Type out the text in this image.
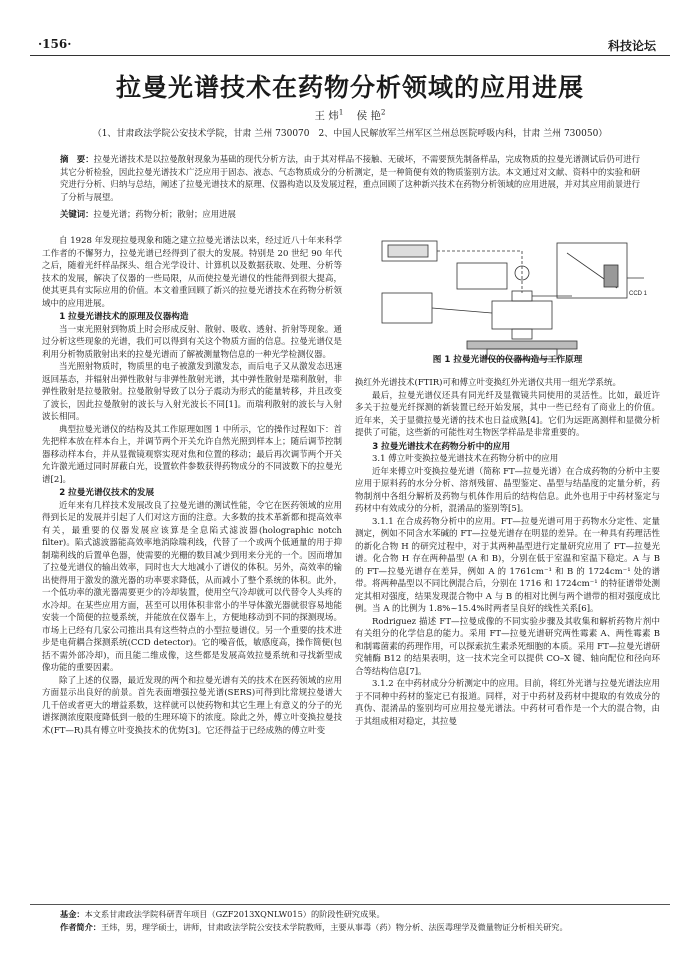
·156·	科技论坛
拉曼光谱技术在药物分析领域的应用进展
王 炜$^1$ 侯 艳$^2$
（1、甘肃政法学院公安技术学院，甘肃 兰州 730070　2、中国人民解放军兰州军区兰州总医院呼吸内科，甘肃 兰州 730050）
摘　要：拉曼光谱技术是以拉曼散射现象为基础的现代分析方法，由于其对样品不接触、无破坏，不需要预先制备样品，完成物质的拉曼光谱测试后仍可进行其它分析检验，因此拉曼光谱技术广泛应用于固态、液态、气态物质成分的分析测定，是一种简便有效的物质鉴别方法。本文通过对文献、资料中的实验和研究进行分析、归纳与总结，阐述了拉曼光谱技术的原理、仪器构造以及发展过程，重点回顾了这种新兴技术在药物分析领域的应用进展，并对其应用前景进行了分析与展望。
关键词：拉曼光谱；药物分析；散射；应用进展

自 1928 年发现拉曼现象和随之建立拉曼光谱法以来，经过近八十年来科学工作者的不懈努力，拉曼光谱已经得到了很大的发展。特别是 20 世纪 90 年代之后，随着光纤样品探头、组合光学设计、计算机以及数据获取、处理、分析等技术的发展，解决了仪器的一些局限，从而使拉曼光谱仪的性能得到很大提高，使其更具有实际应用的价值。本文着重回顾了新兴的拉曼光谱技术在药物分析领域中的应用进展。

1 拉曼光谱技术的原理及仪器构造

当一束光照射到物质上时会形成反射、散射、吸收、透射、折射等现象。通过分析这些现象的光谱，我们可以得到有关这个物质方面的信息。拉曼光谱仪是利用分析物质散射出来的拉曼光谱而了解被测量物信息的一种光学检测仪器。

当光照射物质时，物质里的电子被激发到激发态，而后电子又从激发态迅速返回基态，并辐射出弹性散射与非弹性散射光谱，其中弹性散射是瑞利散射，非弹性散射是拉曼散射。拉曼散射导致了以分子震动为形式的能量转移，并且改变了波长，因此拉曼散射的波长与入射光波长不同[1]。而瑞利散射的波长与入射波长相同。

典型拉曼光谱仪的结构及其工作原理如图 1 中所示，它的操作过程如下：首先把样本放在样本台上，并调节两个开关允许自然光照到样本上；随后调节控制器移动样本台，并从显微镜观察实现对焦和位置的移动；最后再次调节两个开关允许激光通过同时屏蔽白光，设置软件参数获得药物成分的不同波数下的拉曼光谱[2]。

2 拉曼光谱仪技术的发展

近年来有几样技术发展改良了拉曼光谱的测试性能，令它在医药领域的应用得到长足的发展并引起了人们对这方面的注意。大多数的技术革新都和提高效率有关，最重要的仪器发展应该算是全息陷式滤波器(holographic notch filter)。陷式滤波器能高效率地消除瑞利线，代替了一个或两个低通量的用于抑制瑞利线的后置单色器，使需要的光栅的数目减少到用来分光的一个。因而增加了拉曼光谱仪的输出效率，同时也大大地减小了谱仪的体积。另外，高效率的输出使得用于激发的激光器的功率要求降低，从而减小了整个系统的体积。此外，一个低功率的激光器需要更少的冷却装置，使用空气冷却就可以代替令人头疼的水冷却。在某些应用方面，甚至可以用体积非常小的半导体激光器就很容易地能安装一个简便的拉曼系统，并能放在仪器车上，方便地移动到不同的探测现场。市场上已经有几家公司推出具有这些特点的小型拉曼谱仪。另一个重要的技术进步是电荷耦合探测系统(CCD detector)。它的噪音低，敏感度高，操作简便(包括不需外部冷却)，而且能二维成像，这些都是发展高效拉曼系统和寻找新型成像功能的重要因素。

除了上述的仪器，最近发现的两个和拉曼光谱有关的技术在医药领域的应用方面显示出良好的前景。首先表面增强拉曼光谱(SERS)可得到比常规拉曼谱大几千倍或者更大的增益系数，这样就可以使药物和其它生理上有意义的分子的光谱探测浓度限度降低到一般的生理环境下的浓度。除此之外，傅立叶变换拉曼技术(FT—R)具有傅立叶变换技术的优势[3]。它还得益于已经成熟的傅立叶变

CCD 1
图 1 拉曼光谱仪的仪器构造与工作原理

换红外光谱技术(FTIR)可和傅立叶变换红外光谱仪共用一组光学系统。

最后，拉曼光谱仪还具有同光纤及显微镜共同使用的灵活性。比如，最近许多关于拉曼光纤探测的新装置已经开始发展，其中一些已经有了商业上的价值。近年来，关于显微拉曼光谱的技术也日益成熟[4]。它们为远距离测样和显微分析提供了可能，这些新的可能性对生物医学样品是非常重要的。

3 拉曼光谱技术在药物分析中的应用
3.1 傅立叶变换拉曼光谱技术在药物分析中的应用

近年来傅立叶变换拉曼光谱（简称 FT—拉曼光谱）在合成药物的分析中主要应用于原料药的水分分析、溶剂残留、晶型鉴定、晶型与结晶度的定量分析，药物制剂中各组分解析及药物与机体作用后的结构信息。此外也用于中药材鉴定与药材中有效成分的分析，混淆品的鉴别等[5]。

3.1.1 在合成药物分析中的应用。FT—拉曼光谱可用于药物水分定性、定量测定，例如不同含水苯碱的 FT—拉曼光谱存在明显的差异。在一种具有药理活性的新化合物 H 的研究过程中，对于其两种晶型进行定量研究应用了 FT—拉曼光谱。化合物 H 存在两种晶型 (A 和 B)，分别在低于室温和室温下稳定。A 与 B 的 FT—拉曼光谱存在差异，例如 A 的 1761cm⁻¹ 和 B 的 1724cm⁻¹ 处的谱带。将两种晶型以不同比例混合后，分别在 1716 和 1724cm⁻¹ 的特征谱带处测定其相对强度，结果发现混合物中 A 与 B 的相对比例与两个谱带的相对强度成比例。当 A 的比例为 1.8%~15.4%时两者呈良好的线性关系[6]。

Rodriguez 描述 FT—拉曼成像的不同实验步骤及其收集和解析药物片剂中有关组分的化学信息的能力。采用 FT—拉曼光谱研究两性霉素 A、两性霉素 B 和制霉菌素的药理作用，可以探索抗生素杀死细胞的本质。采用 FT—拉曼光谱研究辅酶 B12 的结果表明，这一技术完全可以提供 CO–X 键、轴向配位和径向环合等结构信息[7]。

3.1.2 在中药材成分分析测定中的应用。目前，将红外光谱与拉曼光谱法应用于不同种中药材的鉴定已有报道。同样，对于中药材及药材中提取的有效成分的真伪、混淆品的鉴别均可应用拉曼光谱法。中药材可看作是一个大的混合物，由于其组成相对稳定，其拉曼

基金：本文系甘肃政法学院科研青年项目（GZF2013XQNLW015）的阶段性研究成果。
作者简介：王炜，男，理学硕士，讲师，甘肃政法学院公安技术学院教师，主要从事毒（药）物分析、法医毒理学及微量物证分析相关研究。
